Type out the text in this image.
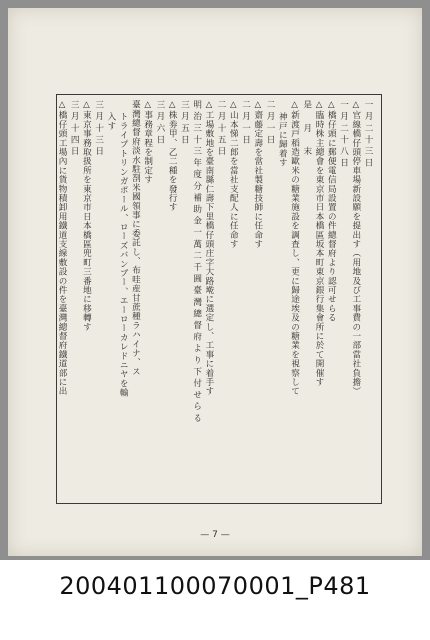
— 7 —
200401100070001_P481
一月二十三日
△官線橋仔頭停車場新設願を提出す（用地及び工事費の一部當社負擔）
一月二十八日
△橋仔頭に郵便電信局設置の件總督府より認可せらる
△臨時株主總會を東京市日本橋區坂本町東京銀行集會所に於て開催す
是　月　末
△新渡戸稻造歐米の糖業施設を調査し、更に歸途埃及の糖業を視察して
神戸に歸着す
二月一日
△齋藤定壽を當社製糖技師に任命す
二月一日
△山本悌二郎を當社支配人に任命す
二月十五日
△工場敷地を臺南縣仁壽下里橋仔頭庄字大路墘に選定し、工事に着手す
明治三十三年度分補助金一萬二千圓臺灣總督府より下付せらる
三月五日
△株劵甲、乙二種を發行す
三月六日
△事務章程を制定す
臺灣總督府淡水駐剳米國領事に委託し、布哇産甘蔗種ラハイナ、ス
トライプトリンガポール、ローズバンブー、エーローカレドニヤを輸
入す
三月十三日
△東京事務取扱所を東京市日本橋區兜町三番地に移轉す
三月十四日
△橋仔頭工場內に貨物積卸用鐵道支線敷設の件を臺灣總督府鐵道部に出
